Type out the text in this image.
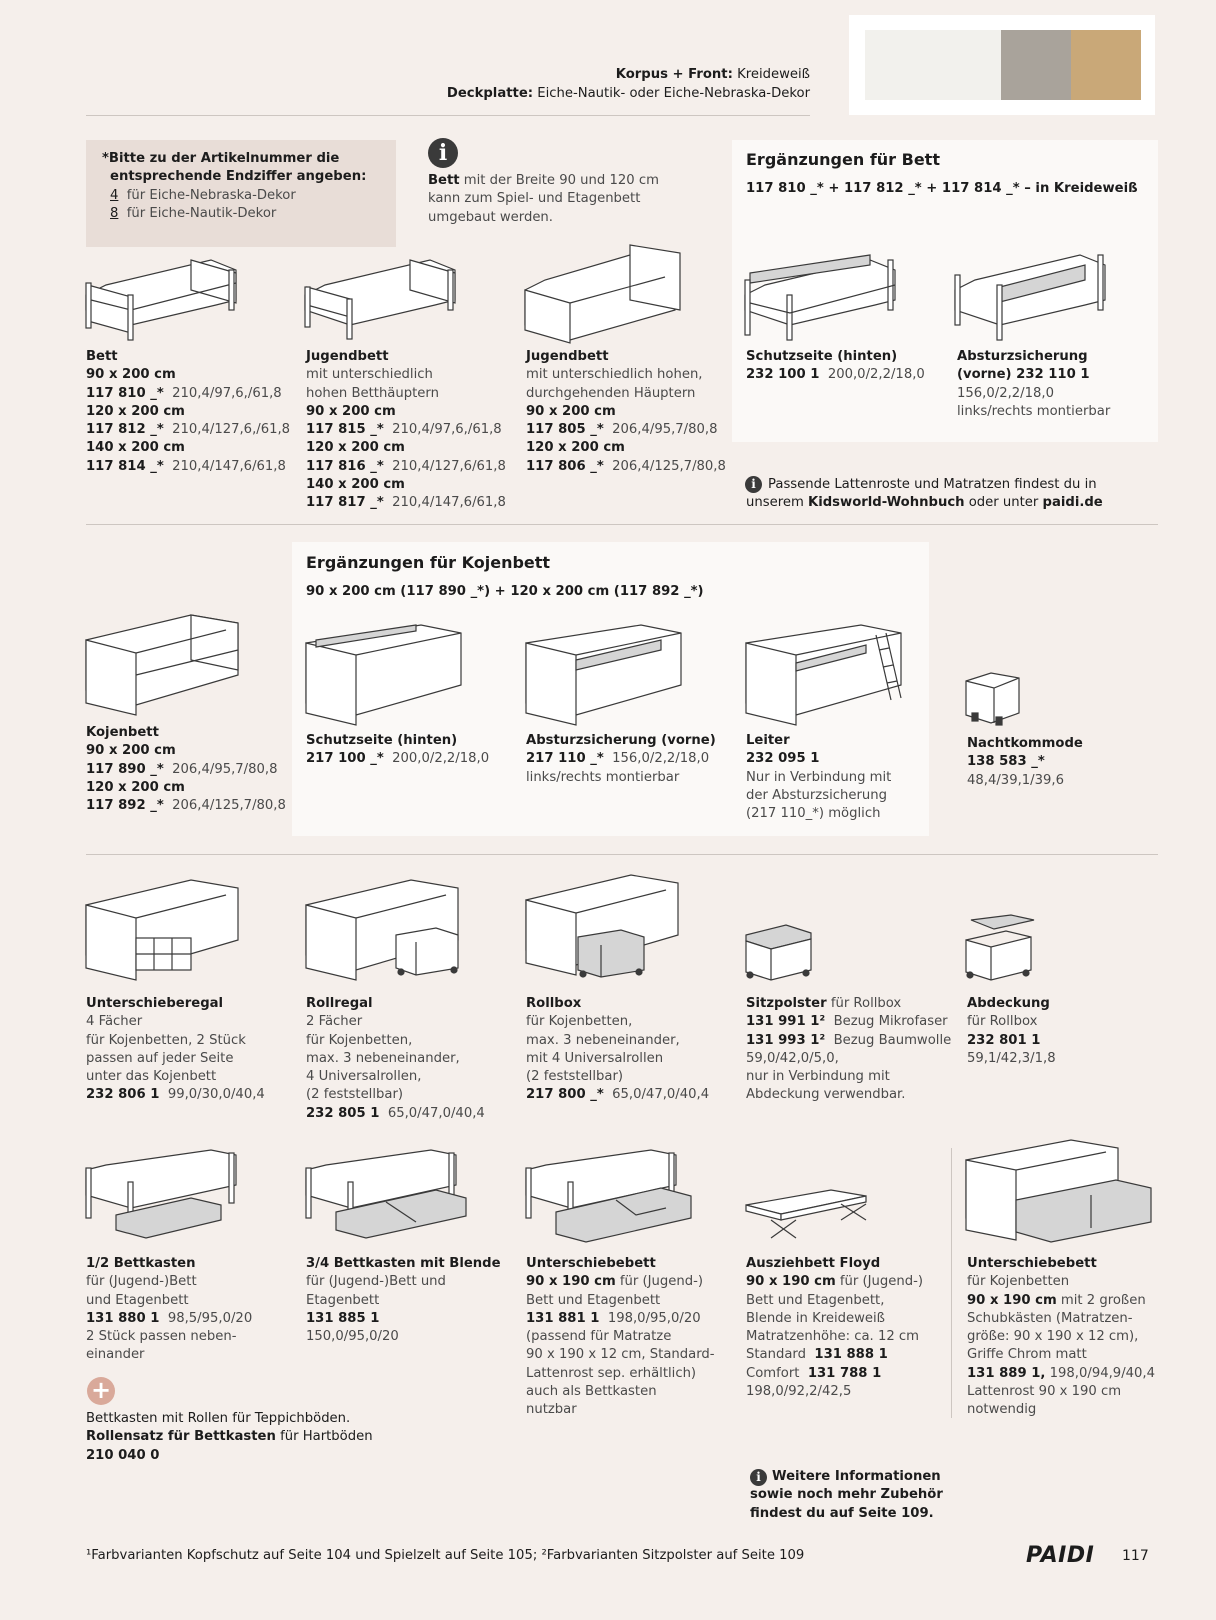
Korpus + Front: Kreideweiß
Deckplatte: Eiche-Nautik- oder Eiche-Nebraska-Dekor
*Bitte zu der Artikelnummer die
entsprechende Endziffer angeben:
4 für Eiche-Nebraska-Dekor
8 für Eiche-Nautik-Dekor
i
Bett mit der Breite 90 und 120 cm
kann zum Spiel- und Etagenbett
umgebaut werden.
Ergänzungen für Bett
117 810 _* + 117 812 _* + 117 814 _* – in Kreideweiß
Bett
90 x 200 cm
117 810 _* 210,4/97,6,/61,8
120 x 200 cm
117 812 _* 210,4/127,6,/61,8
140 x 200 cm
117 814 _* 210,4/147,6/61,8
Jugendbett
mit unterschiedlich
hohen Betthäuptern
90 x 200 cm
117 815 _* 210,4/97,6,/61,8
120 x 200 cm
117 816 _* 210,4/127,6/61,8
140 x 200 cm
117 817 _* 210,4/147,6/61,8
Jugendbett
mit unterschiedlich hohen,
durchgehenden Häuptern
90 x 200 cm
117 805 _* 206,4/95,7/80,8
120 x 200 cm
117 806 _* 206,4/125,7/80,8
Schutzseite (hinten)
232 100 1 200,0/2,2/18,0
Absturzsicherung
(vorne) 232 110 1
156,0/2,2/18,0
links/rechts montierbar
i Passende Lattenroste und Matratzen findest du in
unserem Kidsworld-Wohnbuch oder unter paidi.de
Ergänzungen für Kojenbett
90 x 200 cm (117 890 _*) + 120 x 200 cm (117 892 _*)
Kojenbett
90 x 200 cm
117 890 _* 206,4/95,7/80,8
120 x 200 cm
117 892 _* 206,4/125,7/80,8
Schutzseite (hinten)
217 100 _* 200,0/2,2/18,0
Absturzsicherung (vorne)
217 110 _* 156,0/2,2/18,0
links/rechts montierbar
Leiter
232 095 1
Nur in Verbindung mit
der Absturzsicherung
(217 110_*) möglich
Nachtkommode
138 583 _*
48,4/39,1/39,6
Unterschieberegal
4 Fächer
für Kojenbetten, 2 Stück
passen auf jeder Seite
unter das Kojenbett
232 806 1 99,0/30,0/40,4
Rollregal
2 Fächer
für Kojenbetten,
max. 3 nebeneinander,
4 Universalrollen,
(2 feststellbar)
232 805 1 65,0/47,0/40,4
Rollbox
für Kojenbetten,
max. 3 nebeneinander,
mit 4 Universalrollen
(2 feststellbar)
217 800 _* 65,0/47,0/40,4
Sitzpolster für Rollbox
131 991 1² Bezug Mikrofaser
131 993 1² Bezug Baumwolle
59,0/42,0/5,0,
nur in Verbindung mit
Abdeckung verwendbar.
Abdeckung
für Rollbox
232 801 1
59,1/42,3/1,8
1/2 Bettkasten
für (Jugend-)Bett
und Etagenbett
131 880 1 98,5/95,0/20
2 Stück passen neben-
einander
3/4 Bettkasten mit Blende
für (Jugend-)Bett und
Etagenbett
131 885 1
150,0/95,0/20
Unterschiebebett
90 x 190 cm für (Jugend-)
Bett und Etagenbett
131 881 1 198,0/95,0/20
(passend für Matratze
90 x 190 x 12 cm, Standard-
Lattenrost sep. erhältlich)
auch als Bettkasten
nutzbar
Ausziehbett Floyd
90 x 190 cm für (Jugend-)
Bett und Etagenbett,
Blende in Kreideweiß
Matratzenhöhe: ca. 12 cm
Standard 131 888 1
Comfort 131 788 1
198,0/92,2/42,5
Unterschiebebett
für Kojenbetten
90 x 190 cm mit 2 großen
Schubkästen (Matratzen-
größe: 90 x 190 x 12 cm),
Griffe Chrom matt
131 889 1, 198,0/94,9/40,4
Lattenrost 90 x 190 cm
notwendig
+
Bettkasten mit Rollen für Teppichböden.
Rollensatz für Bettkasten für Hartböden
210 040 0
i Weitere Informationen
sowie noch mehr Zubehör
findest du auf Seite 109.
¹Farbvarianten Kopfschutz auf Seite 104 und Spielzelt auf Seite 105; ²Farbvarianten Sitzpolster auf Seite 109	PAIDI 117
